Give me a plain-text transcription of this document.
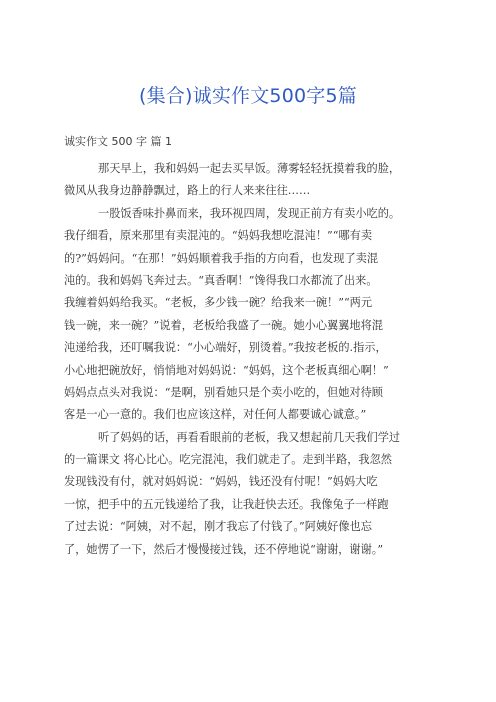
(集合)诚实作文500字5篇
诚实作文 500 字 篇 1
那天早上，我和妈妈一起去买早饭。薄雾轻轻抚摸着我的脸，
微风从我身边静静飘过，路上的行人来来往往……
一股饭香味扑鼻而来，我环视四周，发现正前方有卖小吃的。
我仔细看，原来那里有卖混沌的。“妈妈我想吃混沌！”“哪有卖
的?”妈妈问。“在那！”妈妈顺着我手指的方向看，也发现了卖混
沌的。我和妈妈飞奔过去。“真香啊！”馋得我口水都流了出来。
我缠着妈妈给我买。“老板，多少钱一碗？给我来一碗！”“两元
钱一碗，来一碗？”说着，老板给我盛了一碗。她小心翼翼地将混
沌递给我，还叮嘱我说：“小心端好，别烫着。”我按老板的.指示，
小心地把碗放好，悄悄地对妈妈说：“妈妈，这个老板真细心啊！”
妈妈点点头对我说：“是啊，别看她只是个卖小吃的，但她对待顾
客是一心一意的。我们也应该这样，对任何人都要诚心诚意。”
听了妈妈的话，再看看眼前的老板，我又想起前几天我们学过
的一篇课文 将心比心。吃完混沌，我们就走了。走到半路，我忽然
发现钱没有付，就对妈妈说：“妈妈，钱还没有付呢！”妈妈大吃
一惊，把手中的五元钱递给了我，让我赶快去还。我像兔子一样跑
了过去说：“阿姨，对不起，刚才我忘了付钱了。”阿姨好像也忘
了，她愣了一下，然后才慢慢接过钱，还不停地说“谢谢，谢谢。”
